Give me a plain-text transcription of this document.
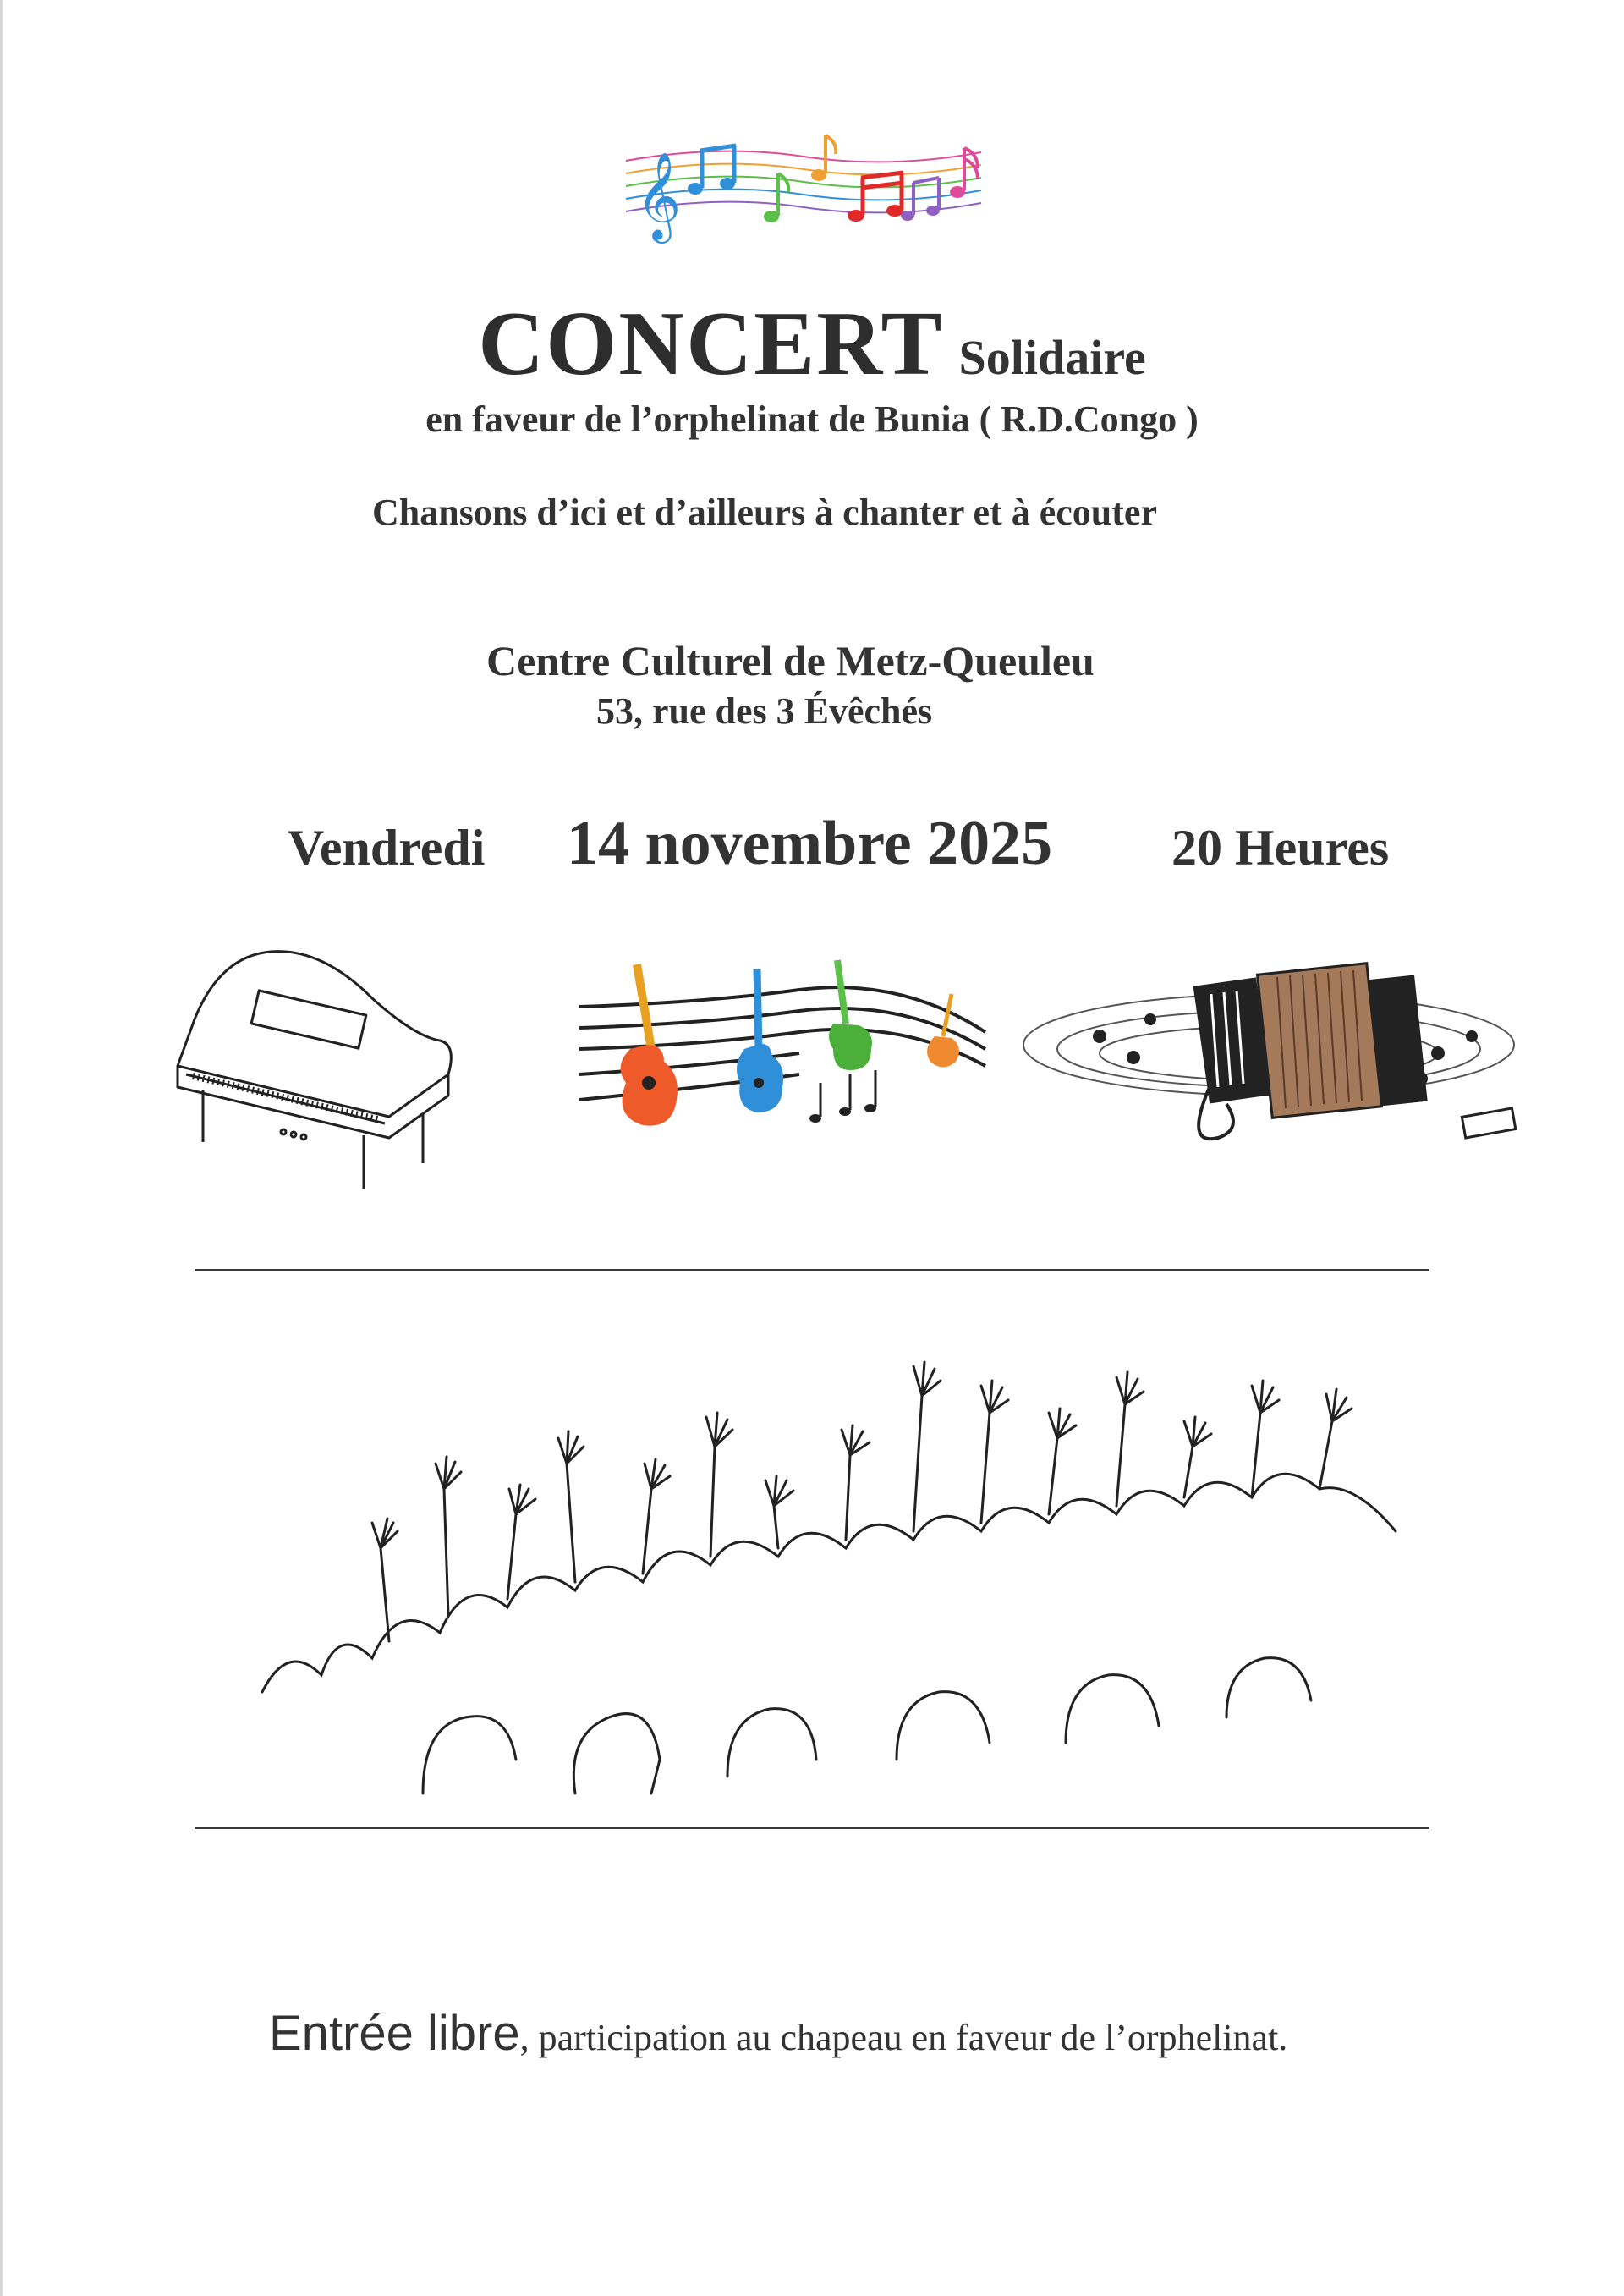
𝄞
CONCERT Solidaire
en faveur de l’orphelinat de Bunia ( R.D.Congo )
Chansons d’ici et d’ailleurs à chanter et à écouter
Centre Culturel de Metz-Queuleu
53, rue des 3 Évêchés
Vendredi 14 novembre 2025 20 Heures
Entrée libre, participation au chapeau en faveur de l’orphelinat.
